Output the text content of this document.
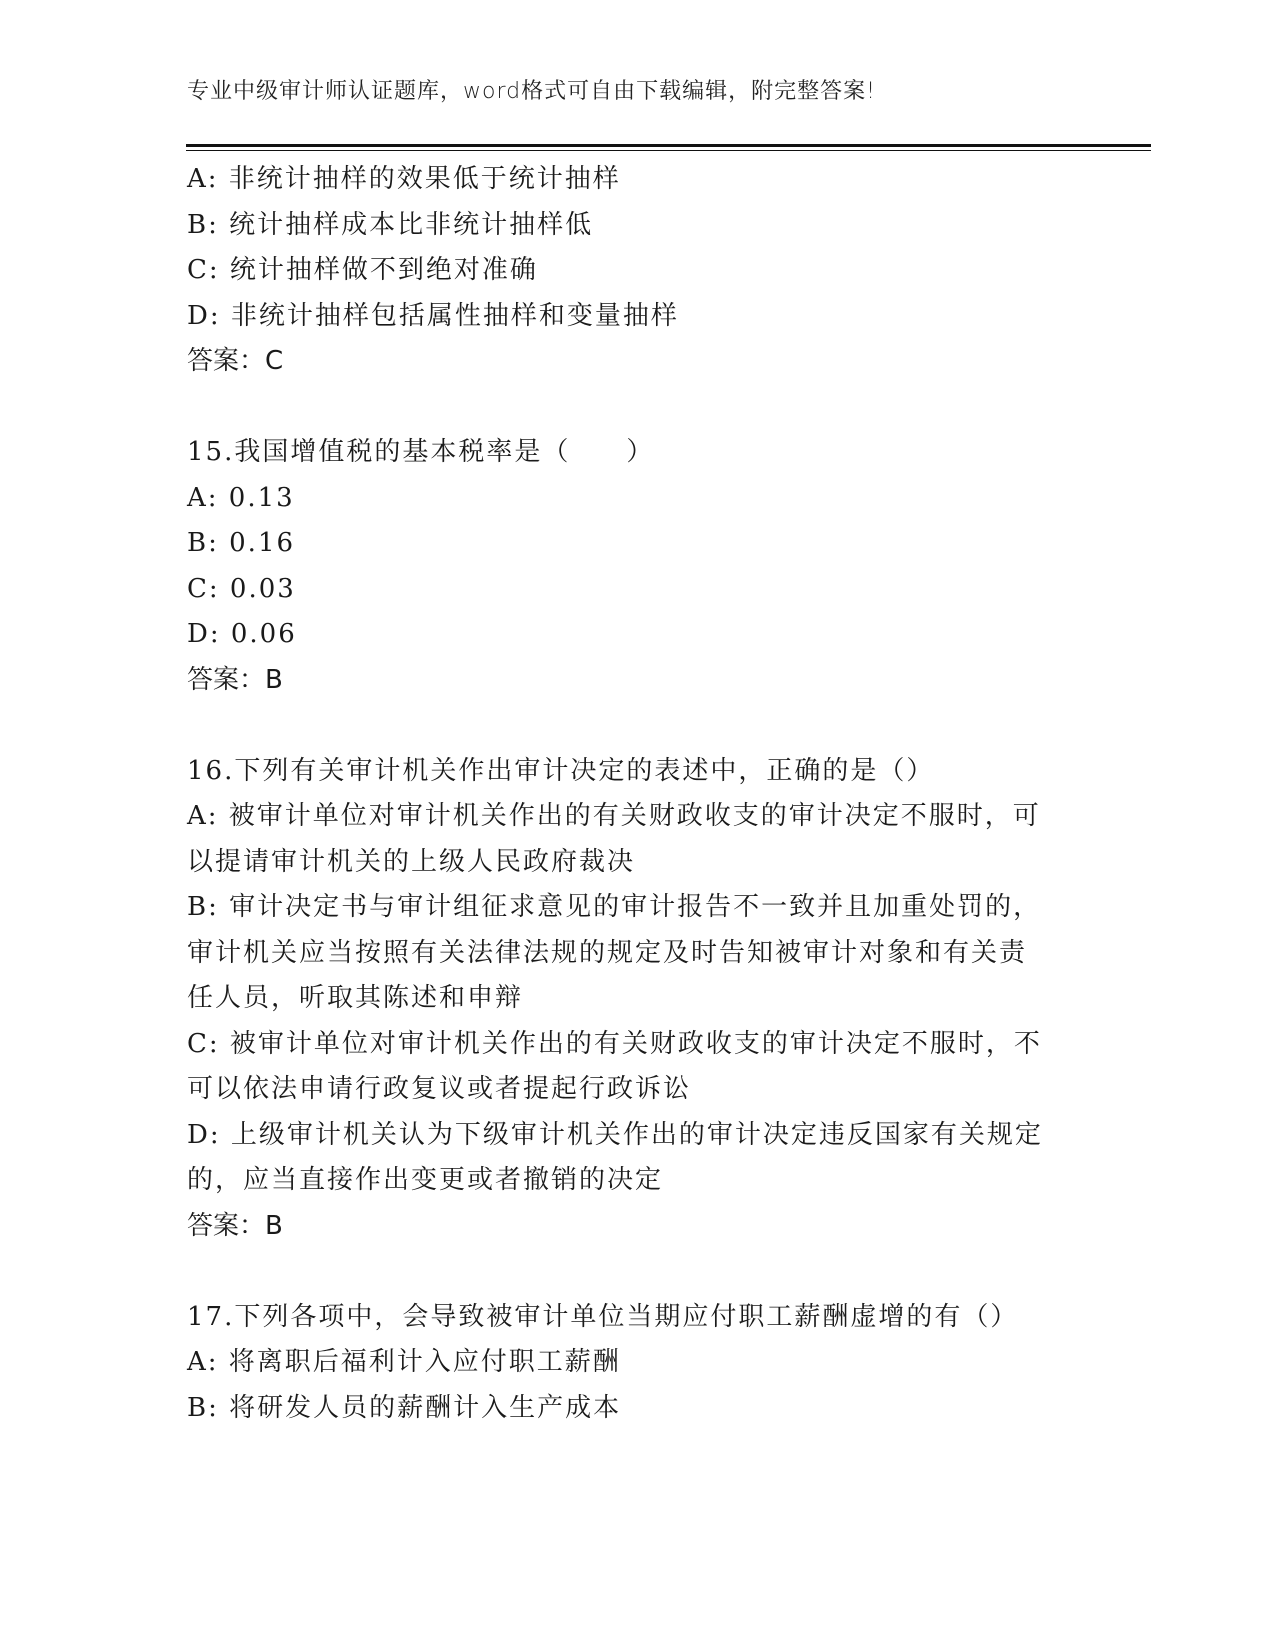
专业中级审计师认证题库，word格式可自由下载编辑，附完整答案!
A: 非统计抽样的效果低于统计抽样
B: 统计抽样成本比非统计抽样低
C: 统计抽样做不到绝对准确
D: 非统计抽样包括属性抽样和变量抽样
答案：C
15.我国增值税的基本税率是（　　）
A: 0.13
B: 0.16
C: 0.03
D: 0.06
答案：B
16.下列有关审计机关作出审计决定的表述中，正确的是（）
A: 被审计单位对审计机关作出的有关财政收支的审计决定不服时，可
以提请审计机关的上级人民政府裁决
B: 审计决定书与审计组征求意见的审计报告不一致并且加重处罚的，
审计机关应当按照有关法律法规的规定及时告知被审计对象和有关责
任人员，听取其陈述和申辩
C: 被审计单位对审计机关作出的有关财政收支的审计决定不服时，不
可以依法申请行政复议或者提起行政诉讼
D: 上级审计机关认为下级审计机关作出的审计决定违反国家有关规定
的，应当直接作出变更或者撤销的决定
答案：B
17.下列各项中，会导致被审计单位当期应付职工薪酬虚增的有（）
A: 将离职后福利计入应付职工薪酬
B: 将研发人员的薪酬计入生产成本
